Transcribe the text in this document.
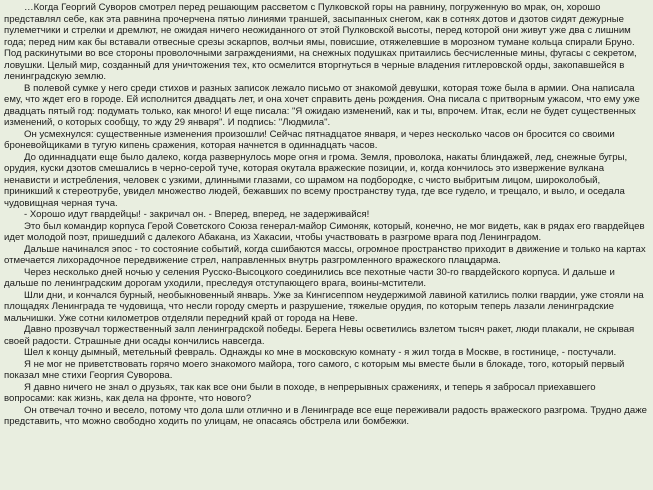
…Когда Георгий Суворов смотрел перед решающим рассветом с Пулковской горы на равнину, погруженную во мрак, он, хорошо представлял себе, как эта равнина прочерчена пятью линиями траншей, засыпанных снегом, как в сотнях дотов и дзотов сидят дежурные пулеметчики и стрелки и дремлют, не ожидая ничего неожиданного от этой Пулковской высоты, перед которой они живут уже два с лишним года; перед ним как бы вставали отвесные срезы эскарпов, волчьи ямы, повисшие, отяжелевшие в морозном тумане кольца спирали Бруно. Под раскинутыми во все стороны проволочными заграждениями, на снежных подушках притаились бесчисленные мины, фугасы с секретом, ловушки. Целый мир, созданный для уничтожения тех, кто осмелится вторгнуться в черные владения гитлеровской орды, закопавшейся в ленинградскую землю.

В полевой сумке у него среди стихов и разных записок лежало письмо от знакомой девушки, которая тоже была в армии. Она написала ему, что ждет его в городе. Ей исполнится двадцать лет, и она хочет справить день рождения. Она писала с притворным ужасом, что ему уже двадцать пятый год: подумать только, как много! И еще писала: "Я ожидаю изменений, как и ты, впрочем. Итак, если не будет существенных изменений, о которых сообщу, то жду 29 января". И подпись: "Людмила".

Он усмехнулся: существенные изменения произошли! Сейчас пятнадцатое января, и через несколько часов он бросится со своими броневойщиками в тугую кипень сражения, которая начнется в одиннадцать часов.

До одиннадцати еще было далеко, когда развернулось море огня и грома. Земля, проволока, накаты блиндажей, лед, снежные бугры, орудия, куски дзотов смешались в черно-серой туче, которая окутала вражеские позиции, и, когда кончилось это извержение вулкана ненависти и истребления, человек с узкими, длинными глазами, со шрамом на подбородке, с чисто выбритым лицом, широколобый, приникший к стереотрубе, увидел множество людей, бежавших по всему пространству туда, где все гудело, и трещало, и выло, и оседала чудовищная черная туча.

- Хорошо идут гвардейцы! - закричал он. - Вперед, вперед, не задерживайся!

Это был командир корпуса Герой Советского Союза генерал-майор Симоняк, который, конечно, не мог видеть, как в рядах его гвардейцев идет молодой поэт, пришедший с далекого Абакана, из Хакасии, чтобы участвовать в разгроме врага под Ленинградом.

Дальше начинался эпос - то состояние событий, когда сшибаются массы, огромное пространство приходит в движение и только на картах отмечается лихорадочное передвижение стрел, направленных внутрь разгромленного вражеского плацдарма.

Через несколько дней ночью у селения Русско-Высоцкого соединились все пехотные части 30-го гвардейского корпуса. И дальше и дальше по ленинградским дорогам уходили, преследуя отступающего врага, воины-мстители.

Шли дни, и кончался бурный, необыкновенный январь. Уже за Кингисеппом неудержимой лавиной катились полки гвардии, уже стояли на площадях Ленинграда те чудовища, что несли городу смерть и разрушение, тяжелые орудия, по которым теперь лазали ленинградские мальчишки. Уже сотни километров отделяли передний край от города на Неве.

Давно прозвучал торжественный залп ленинградской победы. Берега Невы осветились взлетом тысяч ракет, люди плакали, не скрывая своей радости. Страшные дни осады кончились навсегда.

Шел к концу дымный, метельный февраль. Однажды ко мне в московскую комнату - я жил тогда в Москве, в гостинице, - постучали.

Я не мог не приветствовать горячо моего знакомого майора, того самого, с которым мы вместе были в блокаде, того, который первый показал мне стихи Георгия Суворова.

Я давно ничего не знал о друзьях, так как все они были в походе, в непрерывных сражениях, и теперь я забросал приехавшего вопросами: как жизнь, как дела на фронте, что нового?

Он отвечал точно и весело, потому что дола шли отлично и в Ленинграде все еще переживали радость вражеского разгрома. Трудно даже представить, что можно свободно ходить по улицам, не опасаясь обстрела или бомбежки.
